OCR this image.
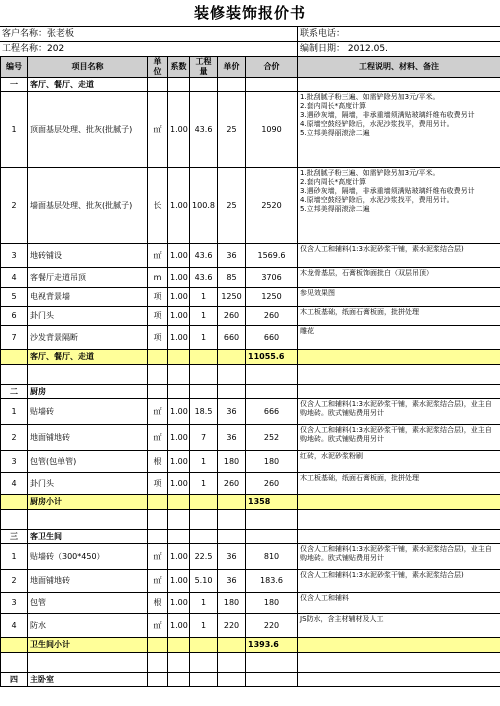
装修装饰报价书
客户名称：张老板	联系电话：
工程名称：202	编制日期： 2012.05.
编号	项目名称	单位	系数	工程量	单价	合价	工程说明、材料、备注
一	客厅、餐厅、走道						
1	顶面基层处理、批灰(批腻子)	㎡	1.00	43.6	25	1090	1.批刮腻子粉三遍、如需铲除另加3元/平米。
2.套内周长*高度计算
3.遇砂灰墙，隔墙，非承重墙须满贴玻璃纤维布收费另计
4.原墙空鼓经铲除后，水泥沙浆找平，费用另计。
5.立邦美得丽滚涂二遍

2	墙面基层处理、批灰(批腻子)	长	1.00	100.8	25	2520	1.批刮腻子粉三遍、如需铲除另加3元/平米。
2.套内周长*高度计算
3.遇砂灰墙，隔墙，非承重墙须满贴玻璃纤维布收费另计
4.原墙空鼓经铲除后，水泥沙浆找平，费用另计。
5.立邦美得丽滚涂二遍

3	地砖铺设	㎡	1.00	43.6	36	1569.6	仅含人工和辅料(1:3水泥砂浆干铺，素水泥浆结合层)

4	客餐厅走道吊顶	m	1.00	43.6	85	3706	木龙骨基层，石膏板饰面批白（双层吊顶）

5	电视背景墙	项	1.00	1	1250	1250	参见效果图

6	卦门头	项	1.00	1	260	260	木工板基础，纸面石膏板面，批拼处理

7	沙发背景隔断	项	1.00	1	660	660	雕花

	客厅、餐厅、走道					11055.6	

二	厨房						
1	贴墙砖	㎡	1.00	18.5	36	666	仅含人工和辅料(1:3水泥砂浆干铺，素水泥浆结合层)，业主自购地砖。欧式铺贴费用另计

2	地面铺地砖	㎡	1.00	7	36	252	仅含人工和辅料(1:3水泥砂浆干铺，素水泥浆结合层)，业主自购地砖。欧式铺贴费用另计

3	包管(包单管)	根	1.00	1	180	180	红砖，水泥砂浆粉刷

4	卦门头	项	1.00	1	260	260	木工板基础，纸面石膏板面，批拼处理

	厨房小计					1358	

三	客卫生间						
1	贴墙砖（300*450）	㎡	1.00	22.5	36	810	仅含人工和辅料(1:3水泥砂浆干铺，素水泥浆结合层)，业主自购地砖。欧式铺贴费用另计

2	地面铺地砖	㎡	1.00	5.10	36	183.6	仅含人工和辅料(1:3水泥砂浆干铺，素水泥浆结合层)

3	包管	根	1.00	1	180	180	仅含人工和辅料

4	防水	㎡	1.00	1	220	220	JS防水，含主材辅材及人工

	卫生间小计					1393.6	

四	主卧室						
